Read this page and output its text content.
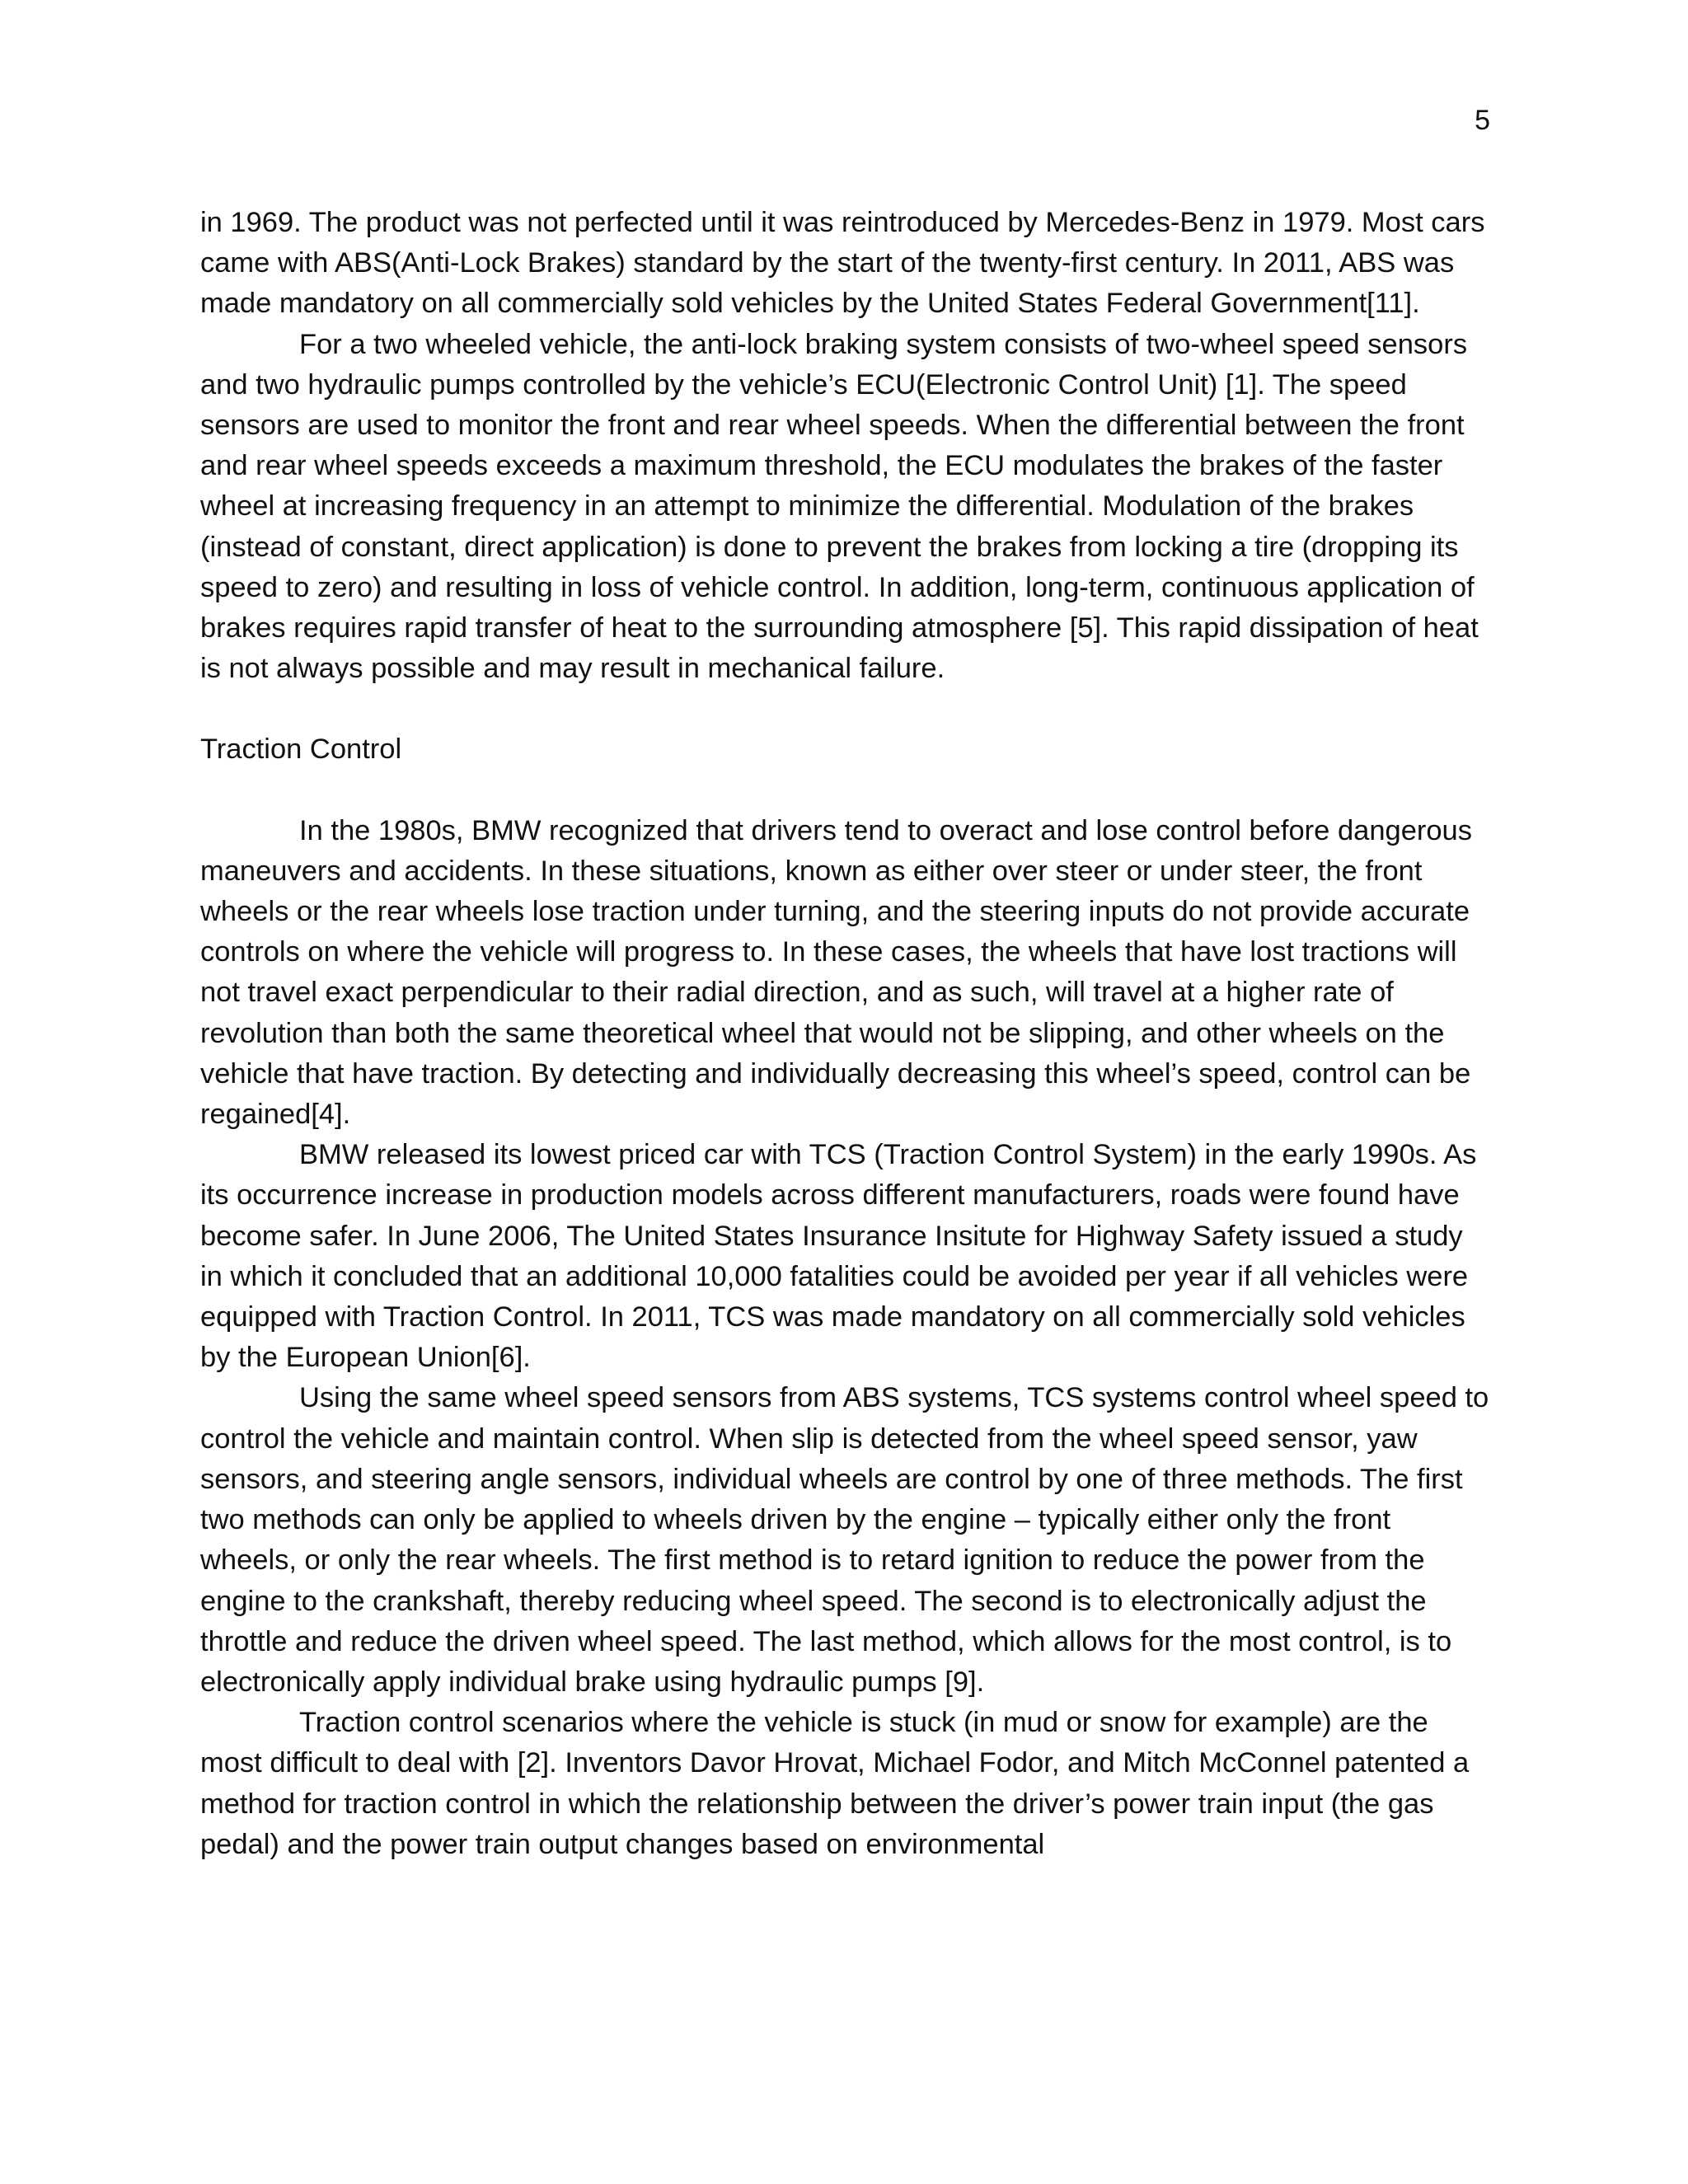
5

in 1969. The product was not perfected until it was reintroduced by Mercedes-Benz in 1979. Most cars came with ABS(Anti-Lock Brakes) standard by the start of the twenty-first century. In 2011, ABS was made mandatory on all commercially sold vehicles by the United States Federal Government[11].

For a two wheeled vehicle, the anti-lock braking system consists of two-wheel speed sensors and two hydraulic pumps controlled by the vehicle’s ECU(Electronic Control Unit) [1]. The speed sensors are used to monitor the front and rear wheel speeds. When the differential between the front and rear wheel speeds exceeds a maximum threshold, the ECU modulates the brakes of the faster wheel at increasing frequency in an attempt to minimize the differential. Modulation of the brakes (instead of constant, direct application) is done to prevent the brakes from locking a tire (dropping its speed to zero) and resulting in loss of vehicle control. In addition, long-term, continuous application of brakes requires rapid transfer of heat to the surrounding atmosphere [5]. This rapid dissipation of heat is not always possible and may result in mechanical failure.

Traction Control

In the 1980s, BMW recognized that drivers tend to overact and lose control before dangerous maneuvers and accidents. In these situations, known as either over steer or under steer, the front wheels or the rear wheels lose traction under turning, and the steering inputs do not provide accurate controls on where the vehicle will progress to. In these cases, the wheels that have lost tractions will not travel exact perpendicular to their radial direction, and as such, will travel at a higher rate of revolution than both the same theoretical wheel that would not be slipping, and other wheels on the vehicle that have traction. By detecting and individually decreasing this wheel’s speed, control can be regained[4].

BMW released its lowest priced car with TCS (Traction Control System) in the early 1990s. As its occurrence increase in production models across different manufacturers, roads were found have become safer. In June 2006, The United States Insurance Insitute for Highway Safety issued a study in which it concluded that an additional 10,000 fatalities could be avoided per year if all vehicles were equipped with Traction Control. In 2011, TCS was made mandatory on all commercially sold vehicles by the European Union[6].

Using the same wheel speed sensors from ABS systems, TCS systems control wheel speed to control the vehicle and maintain control. When slip is detected from the wheel speed sensor, yaw sensors, and steering angle sensors, individual wheels are control by one of three methods. The first two methods can only be applied to wheels driven by the engine – typically either only the front wheels, or only the rear wheels. The first method is to retard ignition to reduce the power from the engine to the crankshaft, thereby reducing wheel speed. The second is to electronically adjust the throttle and reduce the driven wheel speed. The last method, which allows for the most control, is to electronically apply individual brake using hydraulic pumps [9].

Traction control scenarios where the vehicle is stuck (in mud or snow for example) are the most difficult to deal with [2]. Inventors Davor Hrovat, Michael Fodor, and Mitch McConnel patented a method for traction control in which the relationship between the driver’s power train input (the gas pedal) and the power train output changes based on environmental
